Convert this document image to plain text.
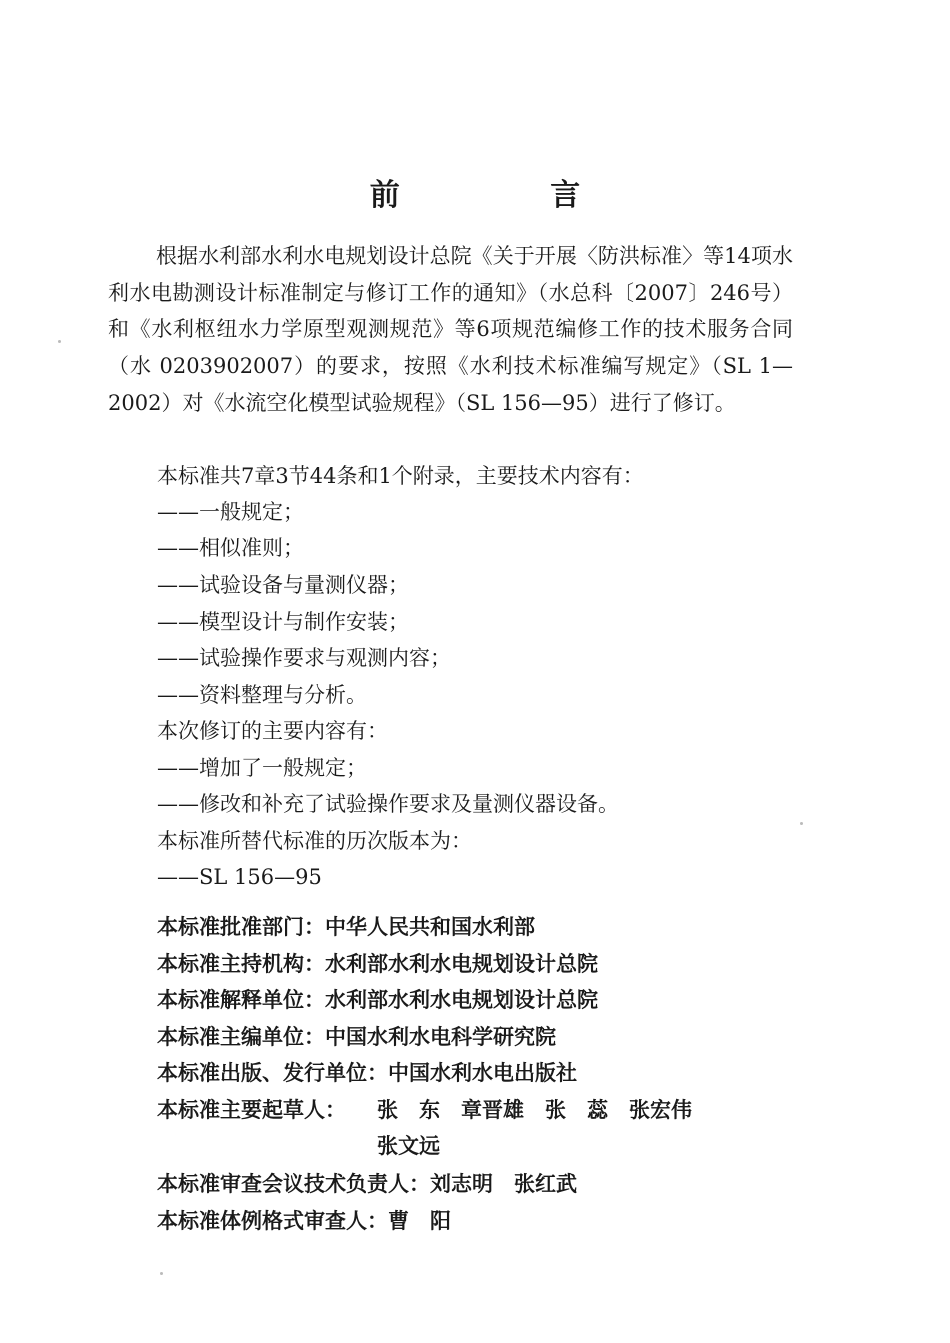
前 言

根据水利部水利水电规划设计总院《关于开展〈防洪标准〉等14项水利水电勘测设计标准制定与修订工作的通知》（水总科〔2007〕246号）和《水利枢纽水力学原型观测规范》等6项规范编修工作的技术服务合同（水 0203902007）的要求，按照《水利技术标准编写规定》（SL 1—2002）对《水流空化模型试验规程》（SL 156—95）进行了修订。

本标准共7章3节44条和1个附录，主要技术内容有：
——一般规定；
——相似准则；
——试验设备与量测仪器；
——模型设计与制作安装；
——试验操作要求与观测内容；
——资料整理与分析。
本次修订的主要内容有：
——增加了一般规定；
——修改和补充了试验操作要求及量测仪器设备。
本标准所替代标准的历次版本为：
——SL 156—95
本标准批准部门：中华人民共和国水利部
本标准主持机构：水利部水利水电规划设计总院
本标准解释单位：水利部水利水电规划设计总院
本标准主编单位：中国水利水电科学研究院
本标准出版、发行单位：中国水利水电出版社
本标准主要起草人： 张　东　章晋雄　张　蕊　张宏伟
张文远
本标准审查会议技术负责人：刘志明　张红武
本标准体例格式审查人：曹　阳
